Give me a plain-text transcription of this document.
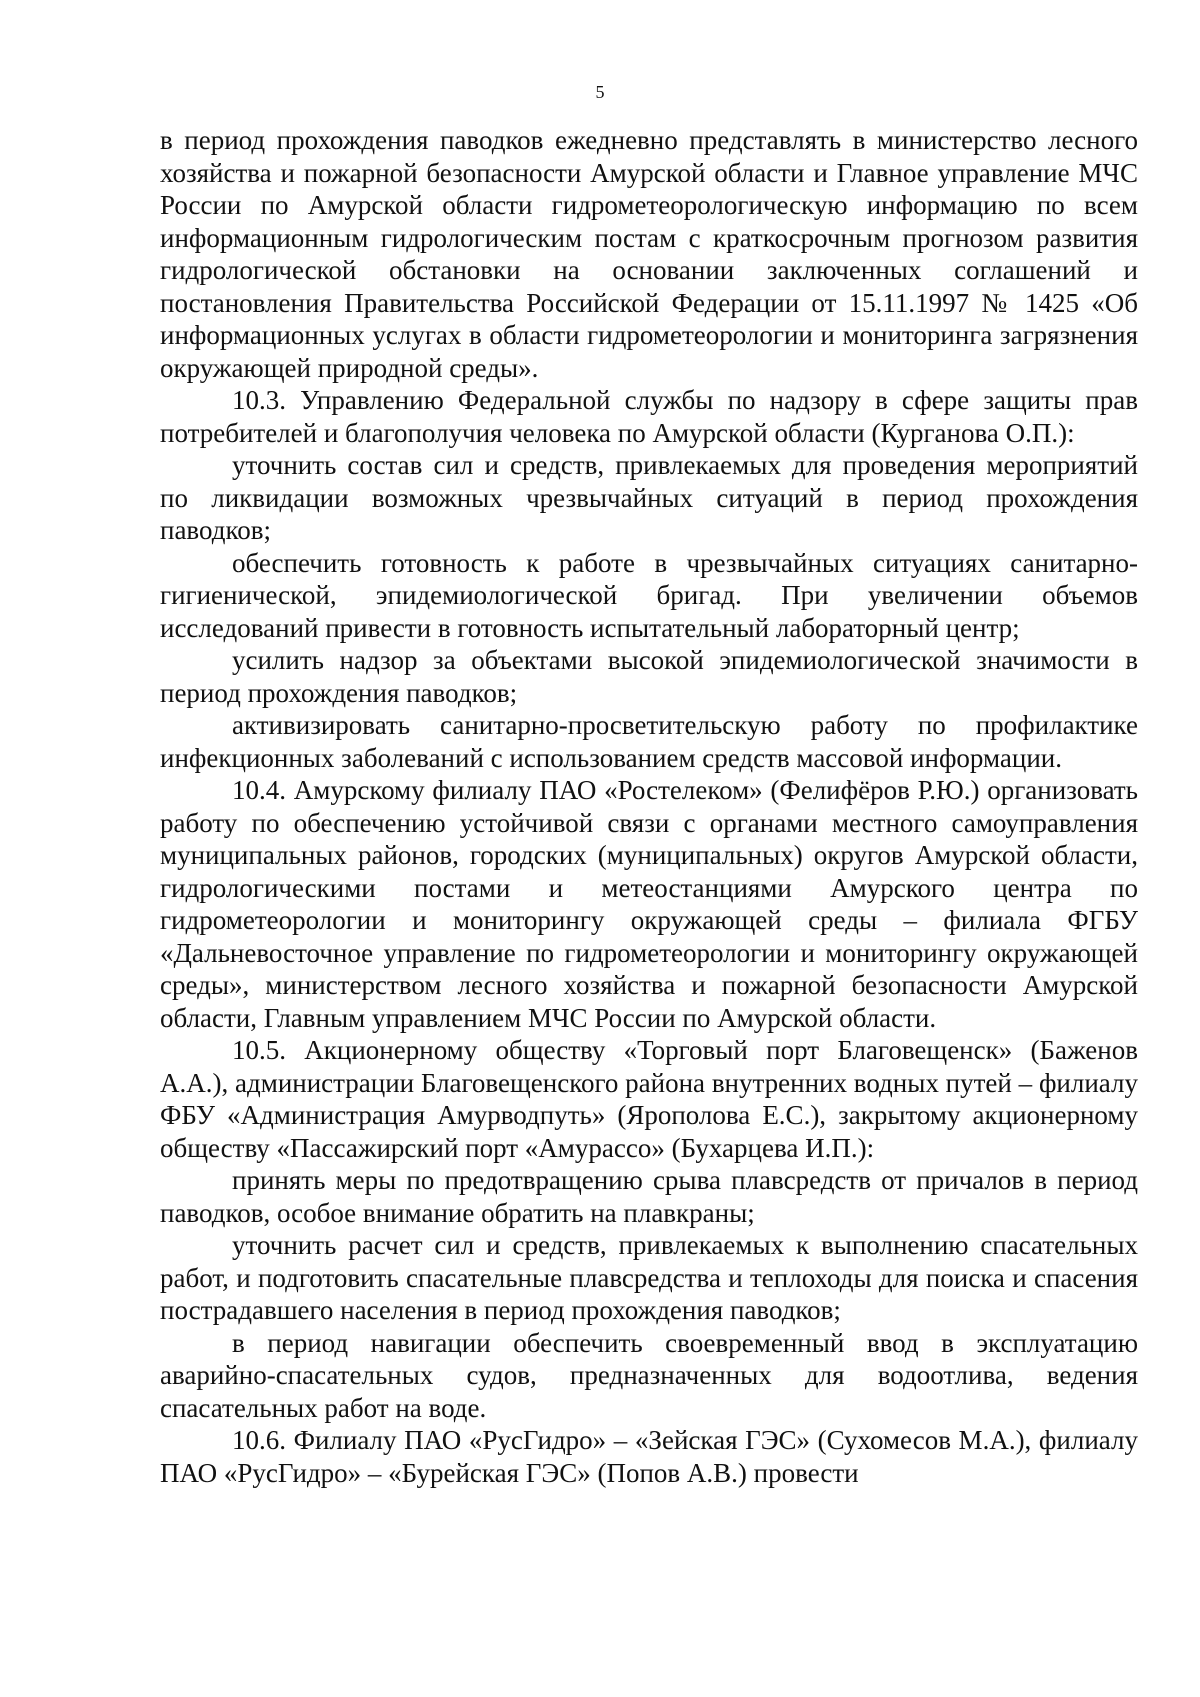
5

в период прохождения паводков ежедневно представлять в министерство лесного хозяйства и пожарной безопасности Амурской области и Главное управление МЧС России по Амурской области гидрометеорологическую информацию по всем информационным гидрологическим постам с краткосрочным прогнозом развития гидрологической обстановки на основании заключенных соглашений и постановления Правительства Российской Федерации от 15.11.1997 № 1425 «Об информационных услугах в области гидрометеорологии и мониторинга загрязнения окружающей природной среды».

10.3. Управлению Федеральной службы по надзору в сфере защиты прав потребителей и благополучия человека по Амурской области (Курганова О.П.):

уточнить состав сил и средств, привлекаемых для проведения мероприятий по ликвидации возможных чрезвычайных ситуаций в период прохождения паводков;

обеспечить готовность к работе в чрезвычайных ситуациях санитарно-гигиенической, эпидемиологической бригад. При увеличении объемов исследований привести в готовность испытательный лабораторный центр;

усилить надзор за объектами высокой эпидемиологической значимости в период прохождения паводков;

активизировать санитарно-просветительскую работу по профилактике инфекционных заболеваний с использованием средств массовой информации.

10.4. Амурскому филиалу ПАО «Ростелеком» (Фелифёров Р.Ю.) организовать работу по обеспечению устойчивой связи с органами местного самоуправления муниципальных районов, городских (муниципальных) округов Амурской области, гидрологическими постами и метеостанциями Амурского центра по гидрометеорологии и мониторингу окружающей среды – филиала ФГБУ «Дальневосточное управление по гидрометеорологии и мониторингу окружающей среды», министерством лесного хозяйства и пожарной безопасности Амурской области, Главным управлением МЧС России по Амурской области.

10.5. Акционерному обществу «Торговый порт Благовещенск» (Баженов А.А.), администрации Благовещенского района внутренних водных путей – филиалу ФБУ «Администрация Амурводпуть» (Ярополова Е.С.), закрытому акционерному обществу «Пассажирский порт «Амурассо» (Бухарцева И.П.):

принять меры по предотвращению срыва плавсредств от причалов в период паводков, особое внимание обратить на плавкраны;

уточнить расчет сил и средств, привлекаемых к выполнению спасательных работ, и подготовить спасательные плавсредства и теплоходы для поиска и спасения пострадавшего населения в период прохождения паводков;

в период навигации обеспечить своевременный ввод в эксплуатацию аварийно-спасательных судов, предназначенных для водоотлива, ведения спасательных работ на воде.

10.6. Филиалу ПАО «РусГидро» – «Зейская ГЭС» (Сухомесов М.А.), филиалу ПАО «РусГидро» – «Бурейская ГЭС» (Попов А.В.) провести
